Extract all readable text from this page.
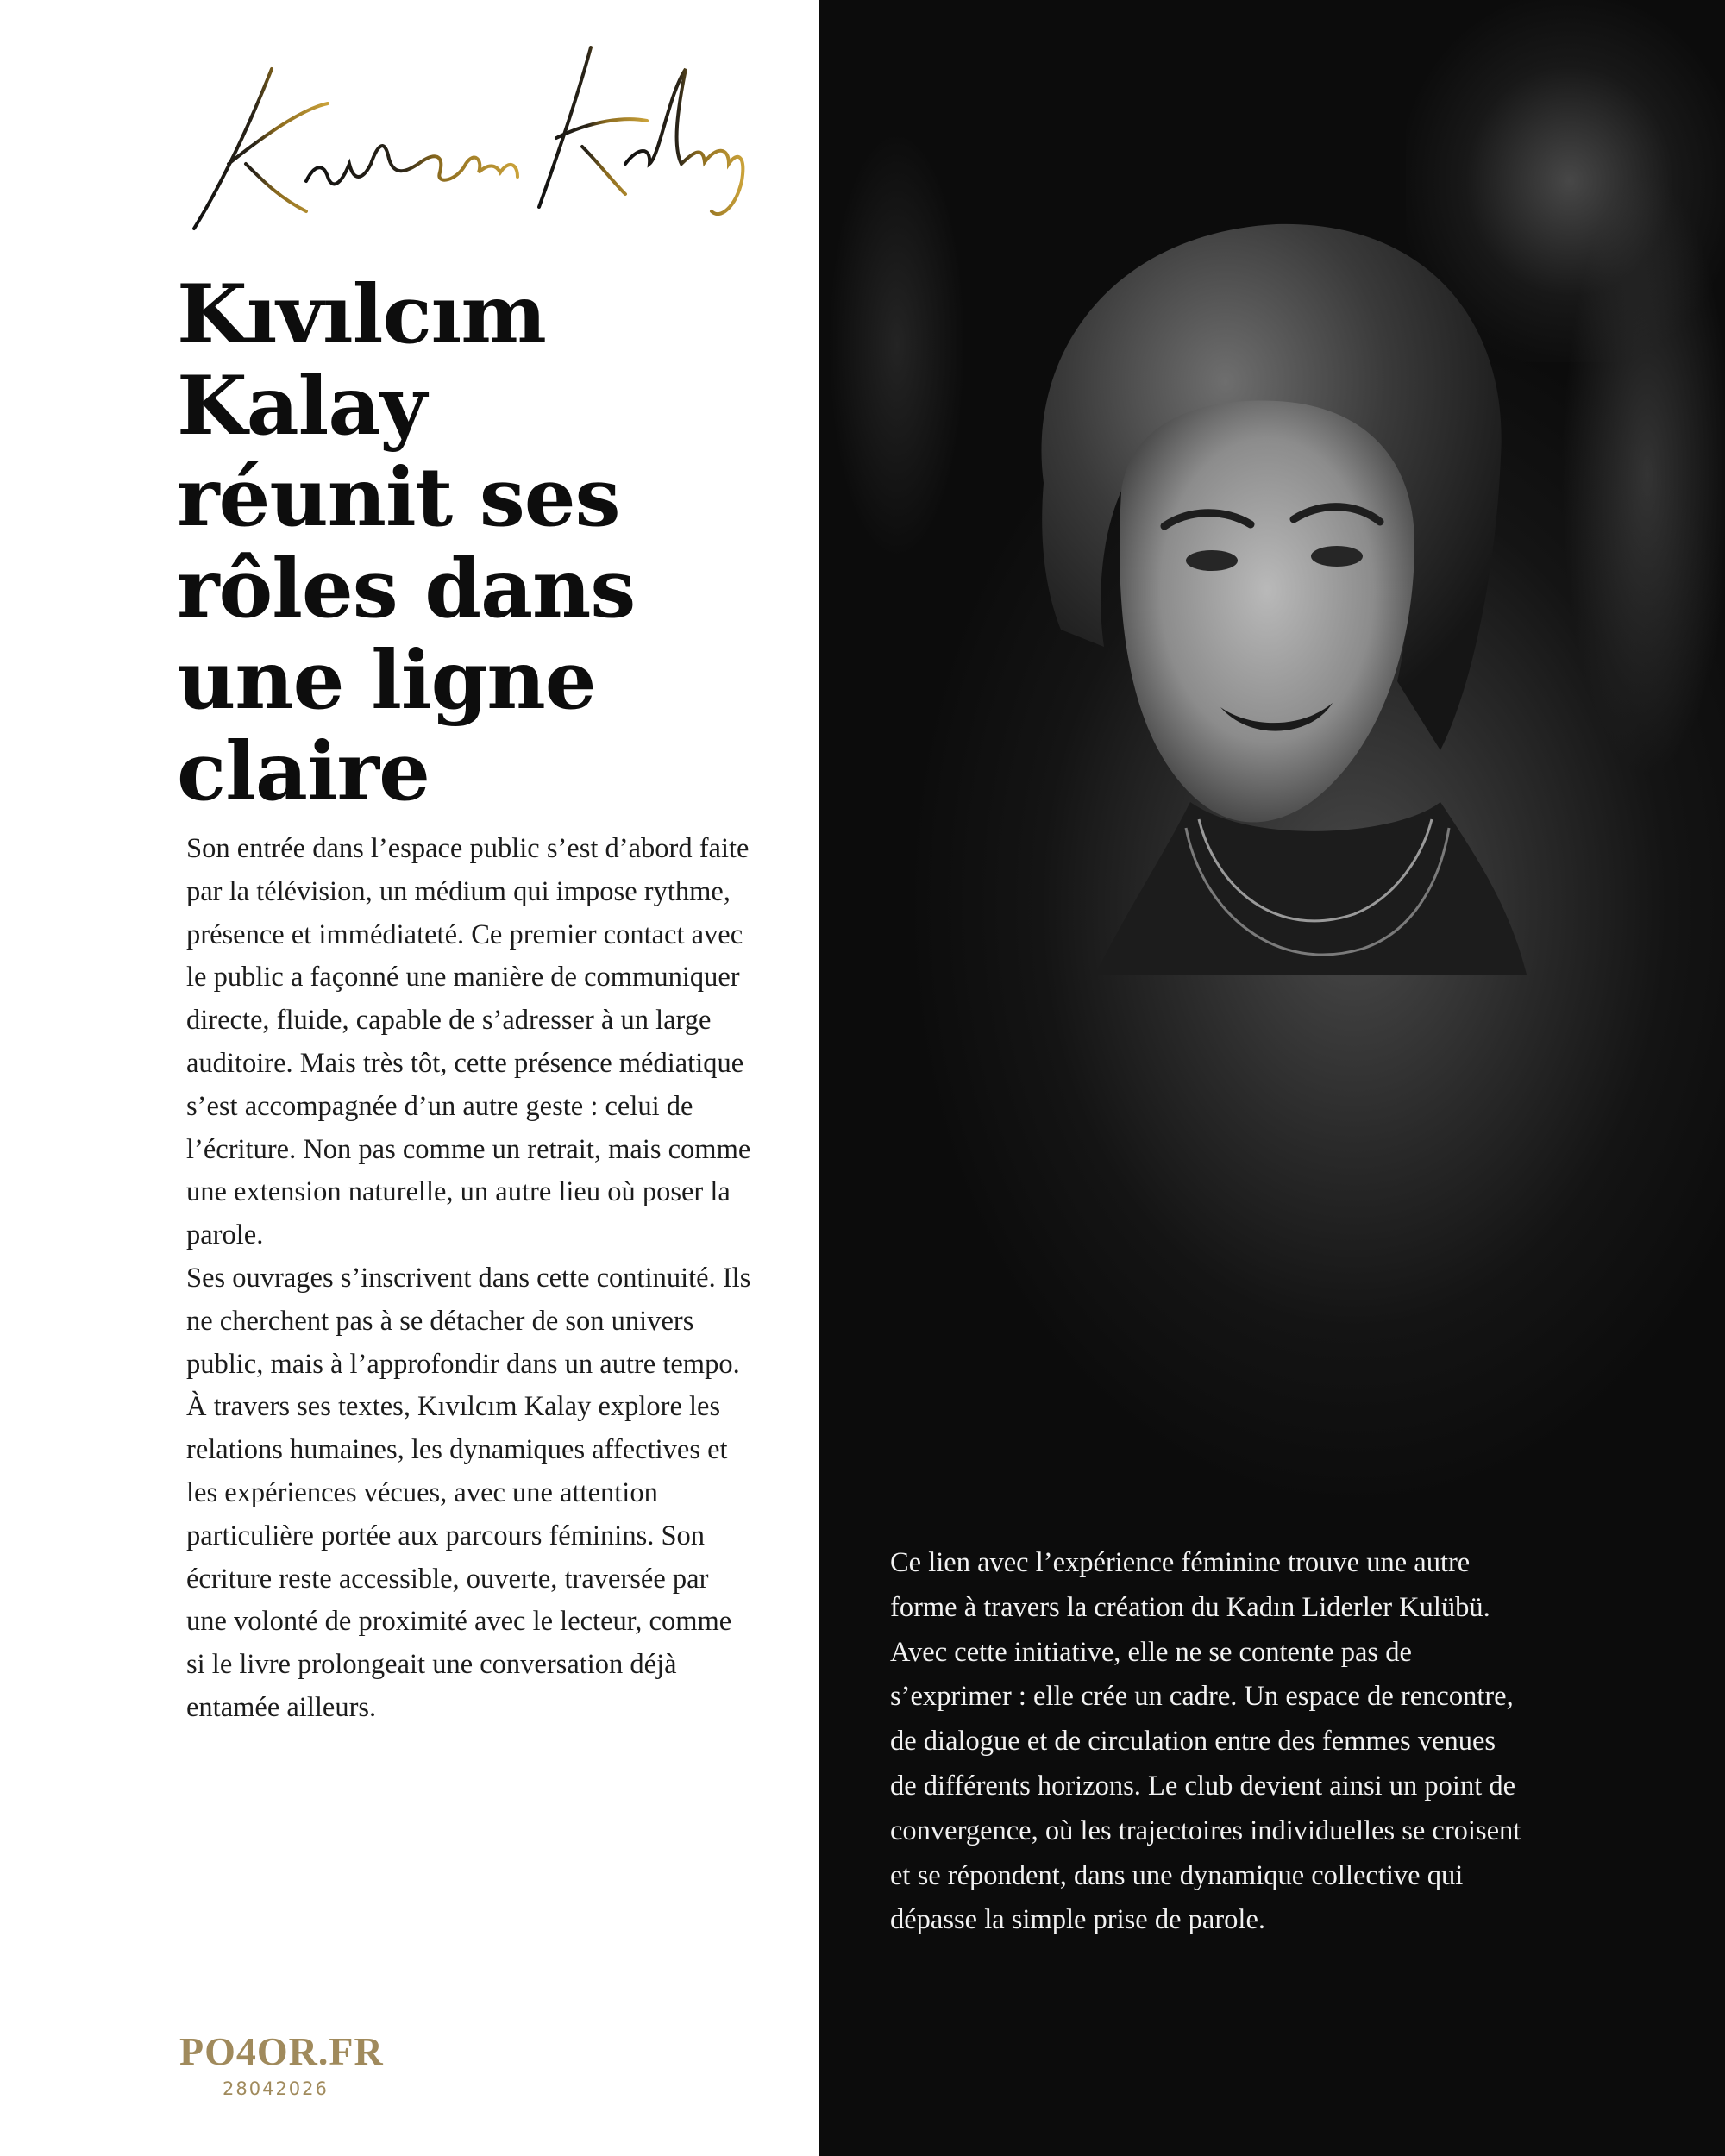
Kıvılcım
Kalay
réunit ses
rôles dans
une ligne
claire

Son entrée dans l’espace public s’est d’abord faite par la télévision, un médium qui impose rythme, présence et immédiateté. Ce premier contact avec le public a façonné une manière de communiquer directe, fluide, capable de s’adresser à un large auditoire. Mais très tôt, cette présence médiatique s’est accompagnée d’un autre geste : celui de l’écriture. Non pas comme un retrait, mais comme une extension naturelle, un autre lieu où poser la parole.

Ses ouvrages s’inscrivent dans cette continuité. Ils ne cherchent pas à se détacher de son univers public, mais à l’approfondir dans un autre tempo. À travers ses textes, Kıvılcım Kalay explore les relations humaines, les dynamiques affectives et les expériences vécues, avec une attention particulière portée aux parcours féminins. Son écriture reste accessible, ouverte, traversée par une volonté de proximité avec le lecteur, comme si le livre prolongeait une conversation déjà entamée ailleurs.

Ce lien avec l’expérience féminine trouve une autre forme à travers la création du Kadın Liderler Kulübü. Avec cette initiative, elle ne se contente pas de s’exprimer : elle crée un cadre. Un espace de rencontre, de dialogue et de circulation entre des femmes venues de différents horizons. Le club devient ainsi un point de convergence, où les trajectoires individuelles se croisent et se répondent, dans une dynamique collective qui dépasse la simple prise de parole.

PO4OR.FR
28042026
